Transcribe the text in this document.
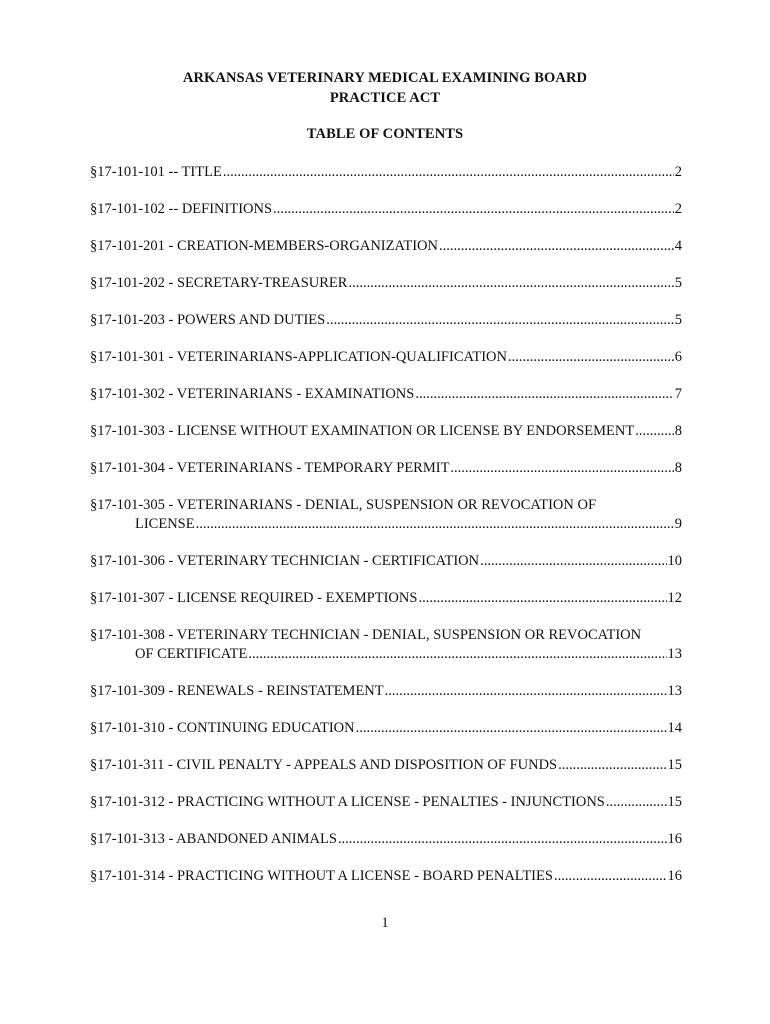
ARKANSAS VETERINARY MEDICAL EXAMINING BOARD
PRACTICE ACT
TABLE OF CONTENTS
§17-101-101 -- TITLE .....	2
§17-101-102 -- DEFINITIONS .....	2
§17-101-201 - CREATION-MEMBERS-ORGANIZATION .....	4
§17-101-202 - SECRETARY-TREASURER .....	5
§17-101-203 - POWERS AND DUTIES .....	5
§17-101-301 - VETERINARIANS-APPLICATION-QUALIFICATION .....	6
§17-101-302 - VETERINARIANS - EXAMINATIONS .....	7
§17-101-303 - LICENSE WITHOUT EXAMINATION OR LICENSE BY ENDORSEMENT .....	8
§17-101-304 - VETERINARIANS - TEMPORARY PERMIT .....	8
§17-101-305 - VETERINARIANS - DENIAL, SUSPENSION OR REVOCATION OF
LICENSE .....	9
§17-101-306 - VETERINARY TECHNICIAN - CERTIFICATION .....	10
§17-101-307 - LICENSE REQUIRED - EXEMPTIONS .....	12
§17-101-308 - VETERINARY TECHNICIAN - DENIAL, SUSPENSION OR REVOCATION
OF CERTIFICATE .....	13
§17-101-309 - RENEWALS - REINSTATEMENT .....	13
§17-101-310 - CONTINUING EDUCATION .....	14
§17-101-311 - CIVIL PENALTY - APPEALS AND DISPOSITION OF FUNDS .....	15
§17-101-312 - PRACTICING WITHOUT A LICENSE - PENALTIES - INJUNCTIONS .....	15
§17-101-313 - ABANDONED ANIMALS .....	16
§17-101-314 - PRACTICING WITHOUT A LICENSE - BOARD PENALTIES .....	16
1
